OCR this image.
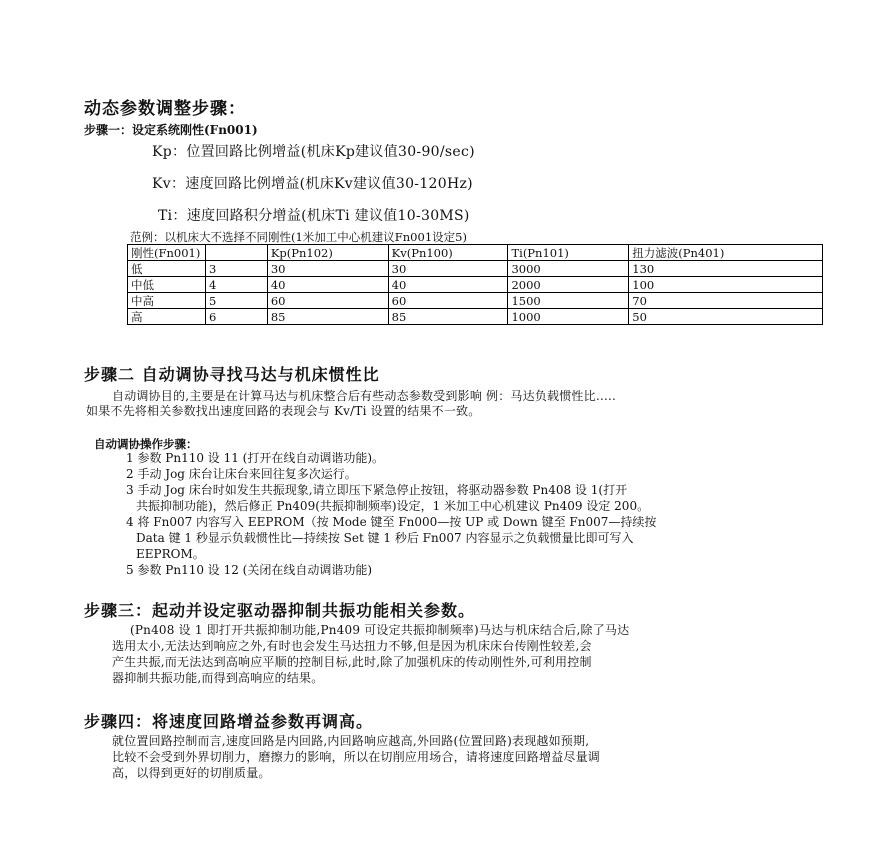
动态参数调整步骤：
步骤一：设定系统刚性(Fn001)
Kp：位置回路比例增益(机床Kp建议值30-90/sec)
Kv：速度回路比例增益(机床Kv建议值30-120Hz)
Ti：速度回路积分增益(机床Ti 建议值10-30MS)
范例：以机床大不选择不同刚性(1米加工中心机建议Fn001设定5)
刚性(Fn001)		Kp(Pn102)	Kv(Pn100)	Ti(Pn101)	扭力滤波(Pn401)
低	3	30	30	3000	130
中低	4	40	40	2000	100
中高	5	60	60	1500	70
高	6	85	85	1000	50
步骤二 自动调协寻找马达与机床惯性比
自动调协目的,主要是在计算马达与机床整合后有些动态参数受到影响 例：马达负载惯性比…..
如果不先将相关参数找出速度回路的表现会与 Kv/Ti 设置的结果不一致。
自动调协操作步骤：
1 参数 Pn110 设 11 (打开在线自动调谐功能)。
2 手动 Jog 床台让床台来回往复多次运行。
3 手动 Jog 床台时如发生共振现象,请立即压下紧急停止按钮，将驱动器参数 Pn408 设 1(打开
共振抑制功能)，然后修正 Pn409(共振抑制频率)设定，1 米加工中心机建议 Pn409 设定 200。
4 将 Fn007 内容写入 EEPROM（按 Mode 键至 Fn000—按 UP 或 Down 键至 Fn007—持续按
Data 键 1 秒显示负载惯性比—持续按 Set 键 1 秒后 Fn007 内容显示之负载惯量比即可写入
EEPROM。
5 参数 Pn110 设 12 (关闭在线自动调谐功能)
步骤三：起动并设定驱动器抑制共振功能相关参数。
(Pn408 设 1 即打开共振抑制功能,Pn409 可设定共振抑制频率)马达与机床结合后,除了马达
选用太小,无法达到响应之外,有时也会发生马达扭力不够,但是因为机床床台传刚性较差,会
产生共振,而无法达到高响应平顺的控制目标,此时,除了加强机床的传动刚性外,可利用控制
器抑制共振功能,而得到高响应的结果。
步骤四：将速度回路增益参数再调高。
就位置回路控制而言,速度回路是内回路,内回路响应越高,外回路(位置回路)表现越如预期,
比较不会受到外界切削力，磨擦力的影响，所以在切削应用场合，请将速度回路增益尽量调
高，以得到更好的切削质量。
